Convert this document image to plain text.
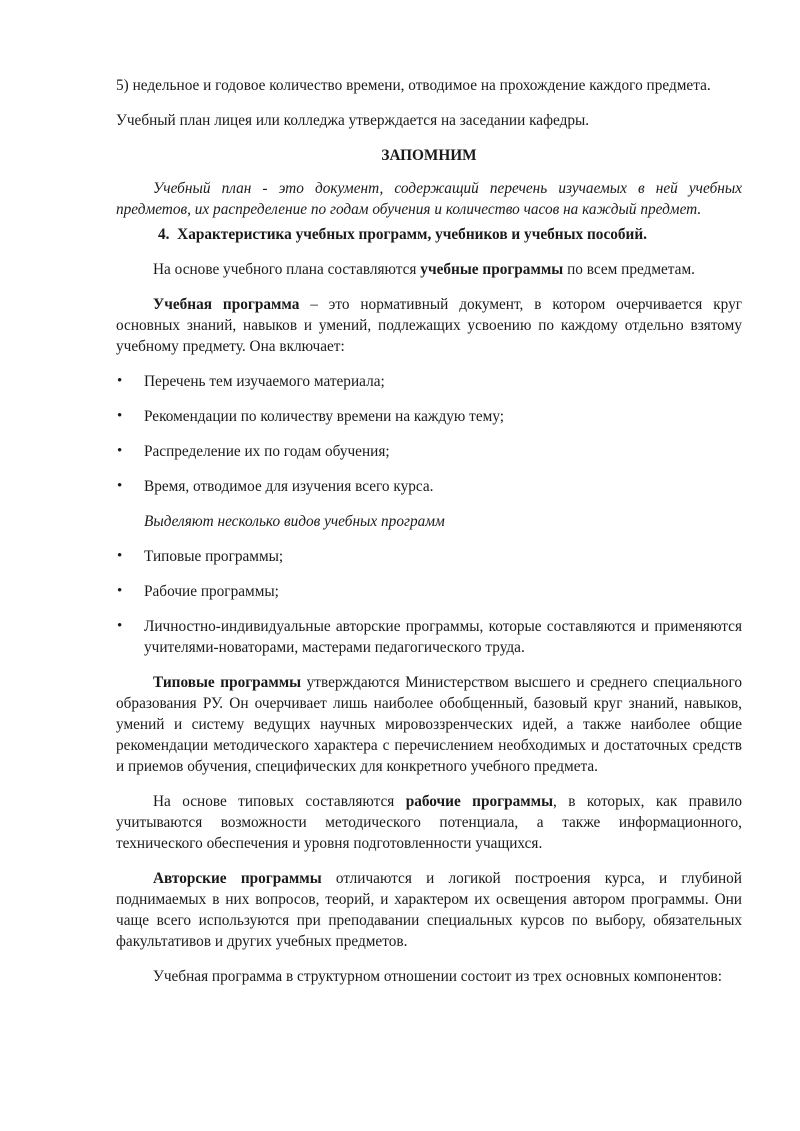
5) недельное и годовое количество времени, отводимое на прохождение каждого предмета.

Учебный план лицея или колледжа утверждается на заседании кафедры.

ЗАПОМНИМ

Учебный план - это документ, содержащий перечень изучаемых в ней учебных предметов, их распределение по годам обучения и количество часов на каждый предмет.

4. Характеристика учебных программ, учебников и учебных пособий.

На основе учебного плана составляются учебные программы по всем предметам.

Учебная программа – это нормативный документ, в котором очерчивается круг основных знаний, навыков и умений, подлежащих усвоению по каждому отдельно взятому учебному предмету. Она включает:

• Перечень тем изучаемого материала;
• Рекомендации по количеству времени на каждую тему;
• Распределение их по годам обучения;
• Время, отводимое для изучения всего курса.

Выделяют несколько видов учебных программ

• Типовые программы;
• Рабочие программы;
• Личностно-индивидуальные авторские программы, которые составляются и применяются учителями-новаторами, мастерами педагогического труда.

Типовые программы утверждаются Министерством высшего и среднего специального образования РУ. Он очерчивает лишь наиболее обобщенный, базовый круг знаний, навыков, умений и систему ведущих научных мировоззренческих идей, а также наиболее общие рекомендации методического характера с перечислением необходимых и достаточных средств и приемов обучения, специфических для конкретного учебного предмета.

На основе типовых составляются рабочие программы, в которых, как правило учитываются возможности методического потенциала, а также информационного, технического обеспечения и уровня подготовленности учащихся.

Авторские программы отличаются и логикой построения курса, и глубиной поднимаемых в них вопросов, теорий, и характером их освещения автором программы. Они чаще всего используются при преподавании специальных курсов по выбору, обязательных факультативов и других учебных предметов.

Учебная программа в структурном отношении состоит из трех основных компонентов:
